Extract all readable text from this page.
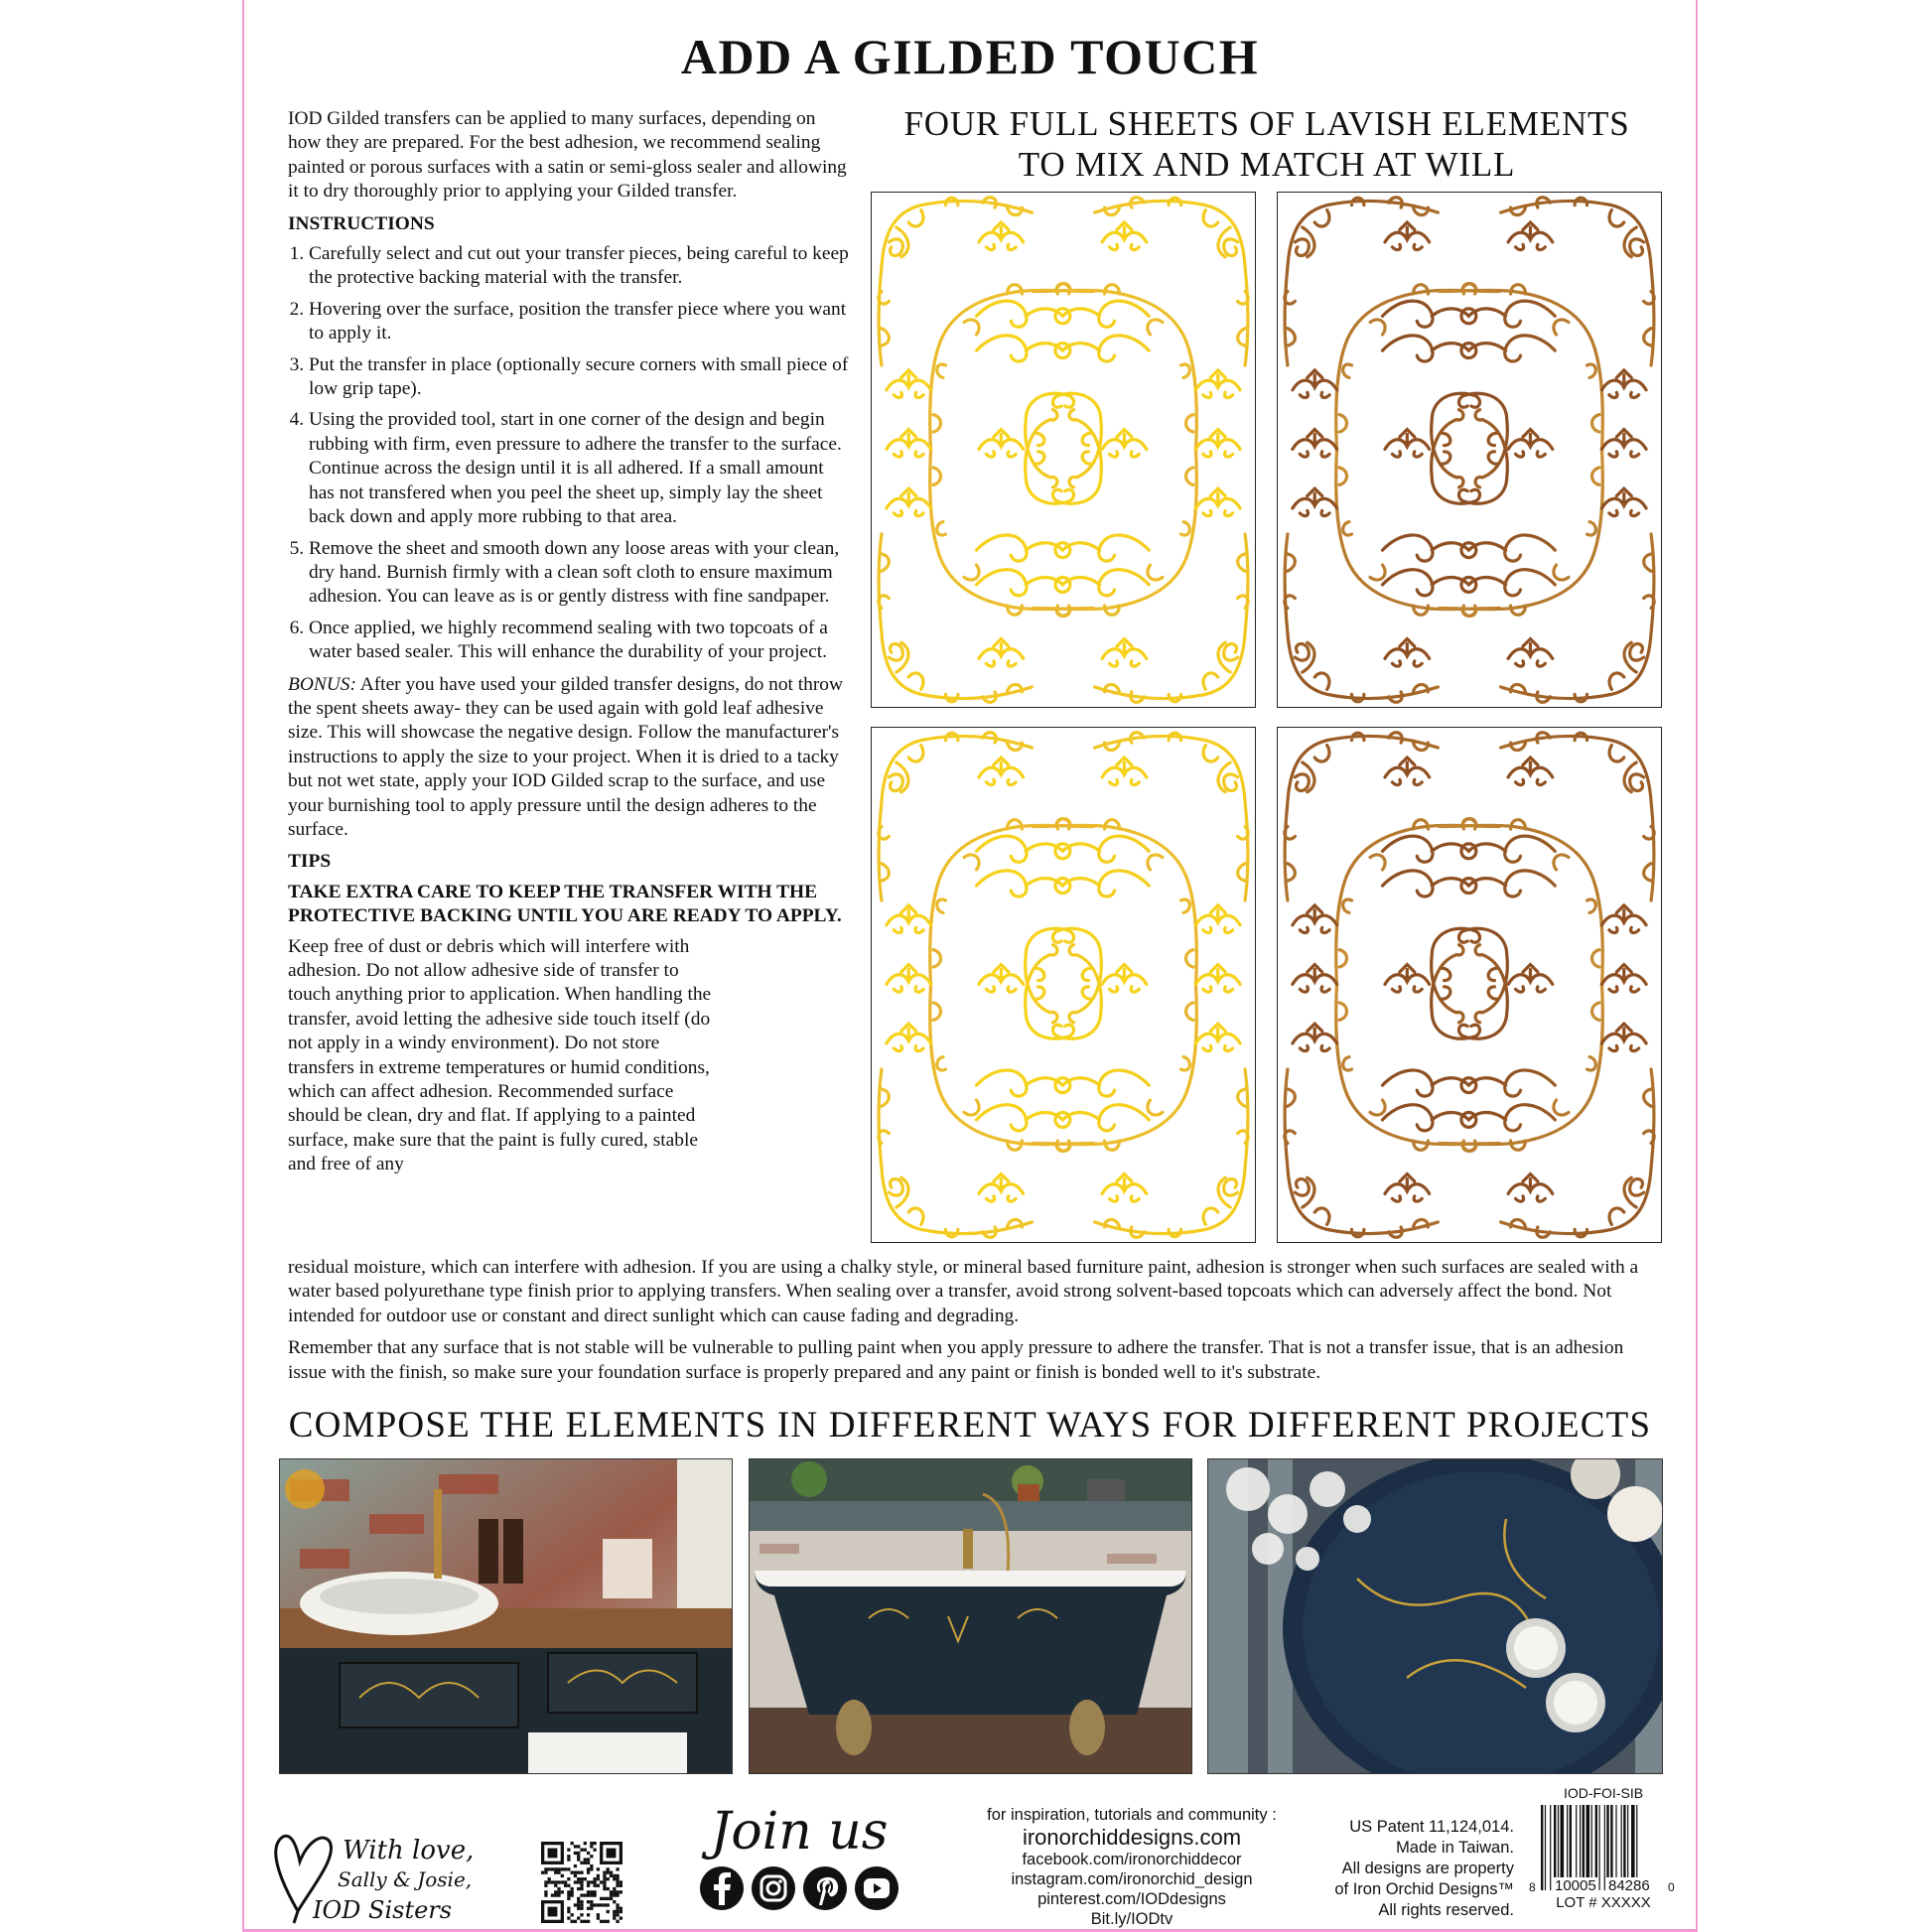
ADD A GILDED TOUCH

IOD Gilded transfers can be applied to many surfaces, depending on how they are prepared. For the best adhesion, we recommend sealing painted or porous surfaces with a satin or semi-gloss sealer and allowing it to dry thoroughly prior to applying your Gilded transfer.

INSTRUCTIONS
1. Carefully select and cut out your transfer pieces, being careful to keep the protective backing material with the transfer.
2. Hovering over the surface, position the transfer piece where you want to apply it.
3. Put the transfer in place (optionally secure corners with small piece of low grip tape).
4. Using the provided tool, start in one corner of the design and begin rubbing with firm, even pressure to adhere the transfer to the surface. Continue across the design until it is all adhered. If a small amount has not transfered when you peel the sheet up, simply lay the sheet back down and apply more rubbing to that area.
5. Remove the sheet and smooth down any loose areas with your clean, dry hand. Burnish firmly with a clean soft cloth to ensure maximum adhesion. You can leave as is or gently distress with fine sandpaper.
6. Once applied, we highly recommend sealing with two topcoats of a water based sealer. This will enhance the durability of your project.

BONUS: After you have used your gilded transfer designs, do not throw the spent sheets away- they can be used again with gold leaf adhesive size. This will showcase the negative design. Follow the manufacturer's instructions to apply the size to your project. When it is dried to a tacky but not wet state, apply your IOD Gilded scrap to the surface, and use your burnishing tool to apply pressure until the design adheres to the surface.

TIPS

TAKE EXTRA CARE TO KEEP THE TRANSFER WITH THE PROTECTIVE BACKING UNTIL YOU ARE READY TO APPLY.

Keep free of dust or debris which will interfere with adhesion. Do not allow adhesive side of transfer to touch anything prior to application. When handling the transfer, avoid letting the adhesive side touch itself (do not apply in a windy environment). Do not store transfers in extreme temperatures or humid conditions, which can affect adhesion. Recommended surface should be clean, dry and flat. If applying to a painted surface, make sure that the paint is fully cured, stable and free of any

FOUR FULL SHEETS OF LAVISH ELEMENTS
TO MIX AND MATCH AT WILL

residual moisture, which can interfere with adhesion. If you are using a chalky style, or mineral based furniture paint, adhesion is stronger when such surfaces are sealed with a water based polyurethane type finish prior to applying transfers. When sealing over a transfer, avoid strong solvent-based topcoats which can adversely affect the bond. Not intended for outdoor use or constant and direct sunlight which can cause fading and degrading.

Remember that any surface that is not stable will be vulnerable to pulling paint when you apply pressure to adhere the transfer. That is not a transfer issue, that is an adhesion issue with the finish, so make sure your foundation surface is properly prepared and any paint or finish is bonded well to it's substrate.

COMPOSE THE ELEMENTS IN DIFFERENT WAYS FOR DIFFERENT PROJECTS
With love,
Sally & Josie,
IOD Sisters
Join us	for inspiration, tutorials and community :
ironorchiddesigns.com
facebook.com/ironorchiddecor
instagram.com/ironorchid_design
pinterest.com/IODdesigns
Bit.ly/IODtv
US Patent 11,124,014.
Made in Taiwan.
All designs are property
of Iron Orchid Designs™
All rights reserved.
IOD-FOI-SIB
8 10005 84286 0
LOT # XXXXX
